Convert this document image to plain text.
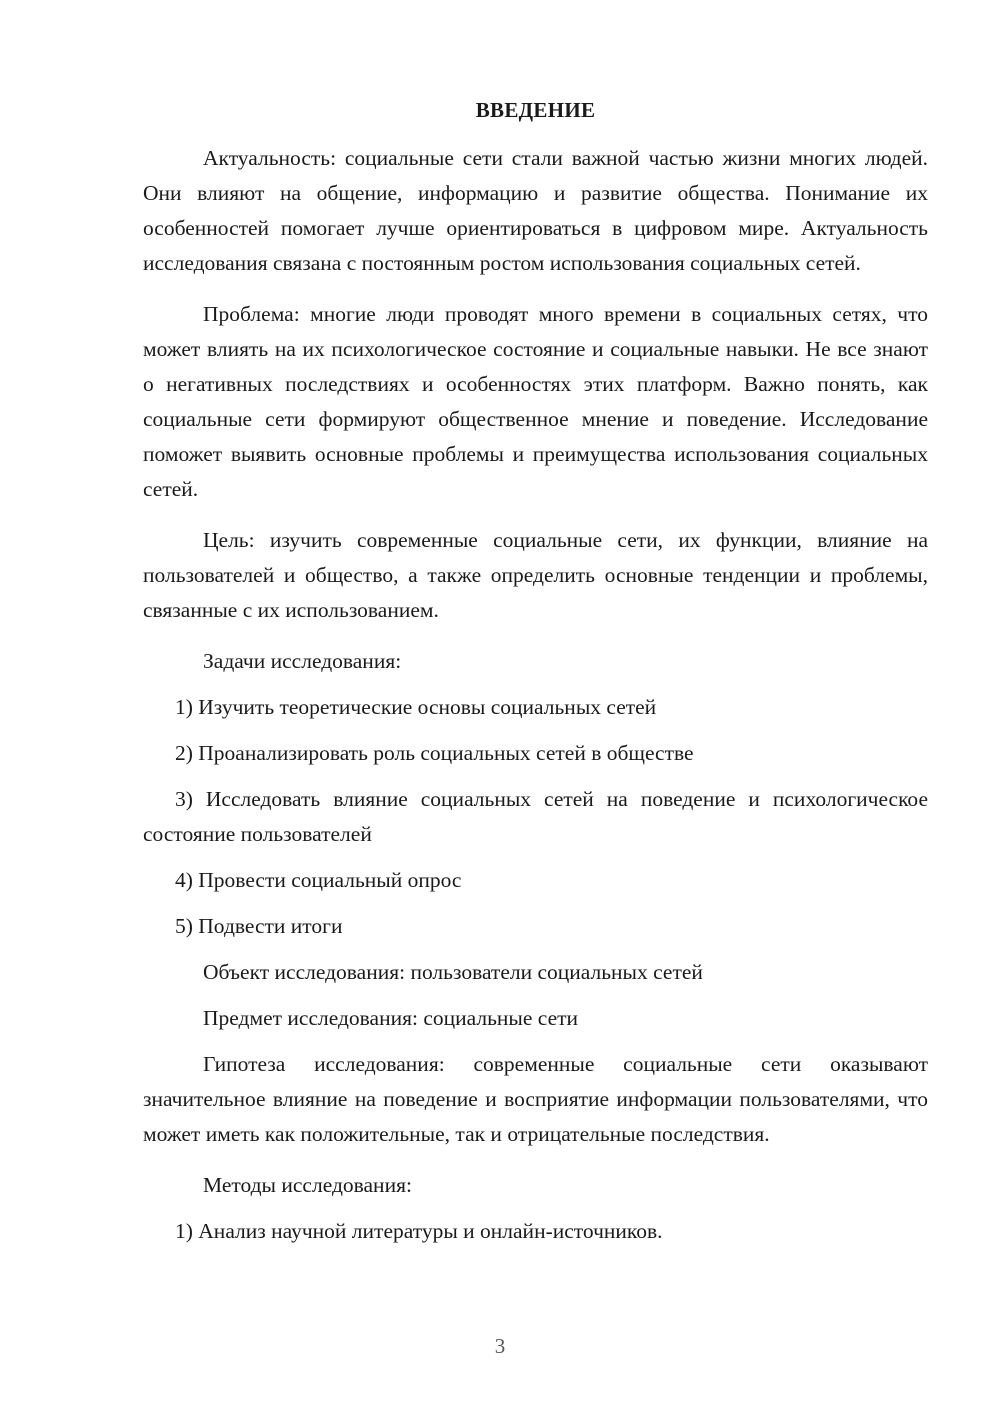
ВВЕДЕНИЕ

Актуальность: социальные сети стали важной частью жизни многих людей. Они влияют на общение, информацию и развитие общества. Понимание их особенностей помогает лучше ориентироваться в цифровом мире. Актуальность исследования связана с постоянным ростом использования социальных сетей.

Проблема: многие люди проводят много времени в социальных сетях, что может влиять на их психологическое состояние и социальные навыки. Не все знают о негативных последствиях и особенностях этих платформ. Важно понять, как социальные сети формируют общественное мнение и поведение. Исследование поможет выявить основные проблемы и преимущества использования социальных сетей.

Цель: изучить современные социальные сети, их функции, влияние на пользователей и общество, а также определить основные тенденции и проблемы, связанные с их использованием.

Задачи исследования:

1) Изучить теоретические основы социальных сетей

2) Проанализировать роль социальных сетей в обществе

3) Исследовать влияние социальных сетей на поведение и психологическое состояние пользователей

4) Провести социальный опрос

5) Подвести итоги

Объект исследования: пользователи социальных сетей

Предмет исследования: социальные сети

Гипотеза исследования: современные социальные сети оказывают значительное влияние на поведение и восприятие информации пользователями, что может иметь как положительные, так и отрицательные последствия.

Методы исследования:

1) Анализ научной литературы и онлайн-источников.

3
